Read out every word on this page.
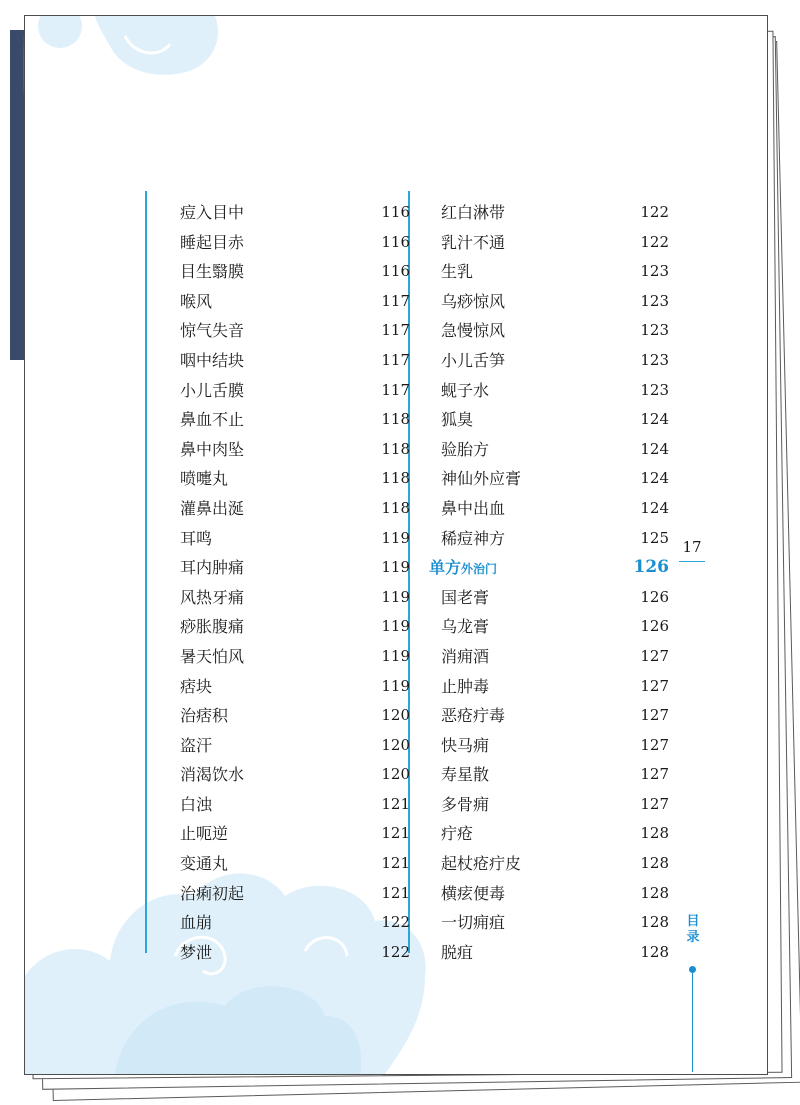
痘入目中	116
睡起目赤	116
目生翳膜	116
喉风	117
惊气失音	117
咽中结块	117
小儿舌膜	117
鼻血不止	118
鼻中肉坠	118
喷嚏丸	118
灌鼻出涎	118
耳鸣	119
耳内肿痛	119
风热牙痛	119
痧胀腹痛	119
暑天怕风	119
痞块	119
治痞积	120
盗汗	120
消渴饮水	120
白浊	121
止呃逆	121
变通丸	121
治痢初起	121
血崩	122
梦泄	122
红白淋带	122
乳汁不通	122
生乳	123
乌痧惊风	123
急慢惊风	123
小儿舌笋	123
蚬子水	123
狐臭	124
验胎方	124
神仙外应膏	124
鼻中出血	124
稀痘神方	125
单方外治门	126
国老膏	126
乌龙膏	126
消痈酒	127
止肿毒	127
恶疮疔毒	127
快马痈	127
寿星散	127
多骨痈	127
疔疮	128
起杖疮疔皮	128
横痃便毒	128
一切痈疽	128
脱疽	128
17
目录
